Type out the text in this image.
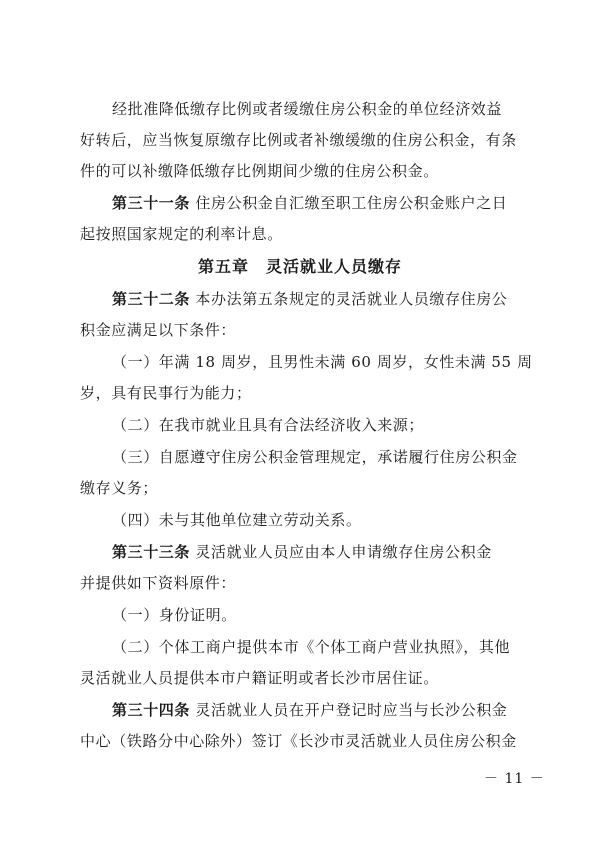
经批准降低缴存比例或者缓缴住房公积金的单位经济效益
好转后，应当恢复原缴存比例或者补缴缓缴的住房公积金，有条
件的可以补缴降低缴存比例期间少缴的住房公积金。
第三十一条 住房公积金自汇缴至职工住房公积金账户之日
起按照国家规定的利率计息。
第五章　灵活就业人员缴存
第三十二条 本办法第五条规定的灵活就业人员缴存住房公
积金应满足以下条件：
（一）年满 18 周岁，且男性未满 60 周岁，女性未满 55 周
岁，具有民事行为能力；
（二）在我市就业且具有合法经济收入来源；
（三）自愿遵守住房公积金管理规定，承诺履行住房公积金
缴存义务；
（四）未与其他单位建立劳动关系。
第三十三条 灵活就业人员应由本人申请缴存住房公积金
并提供如下资料原件：
（一）身份证明。
（二）个体工商户提供本市《个体工商户营业执照》，其他
灵活就业人员提供本市户籍证明或者长沙市居住证。
第三十四条 灵活就业人员在开户登记时应当与长沙公积金
中心（铁路分中心除外）签订《长沙市灵活就业人员住房公积金
－ 11 －
